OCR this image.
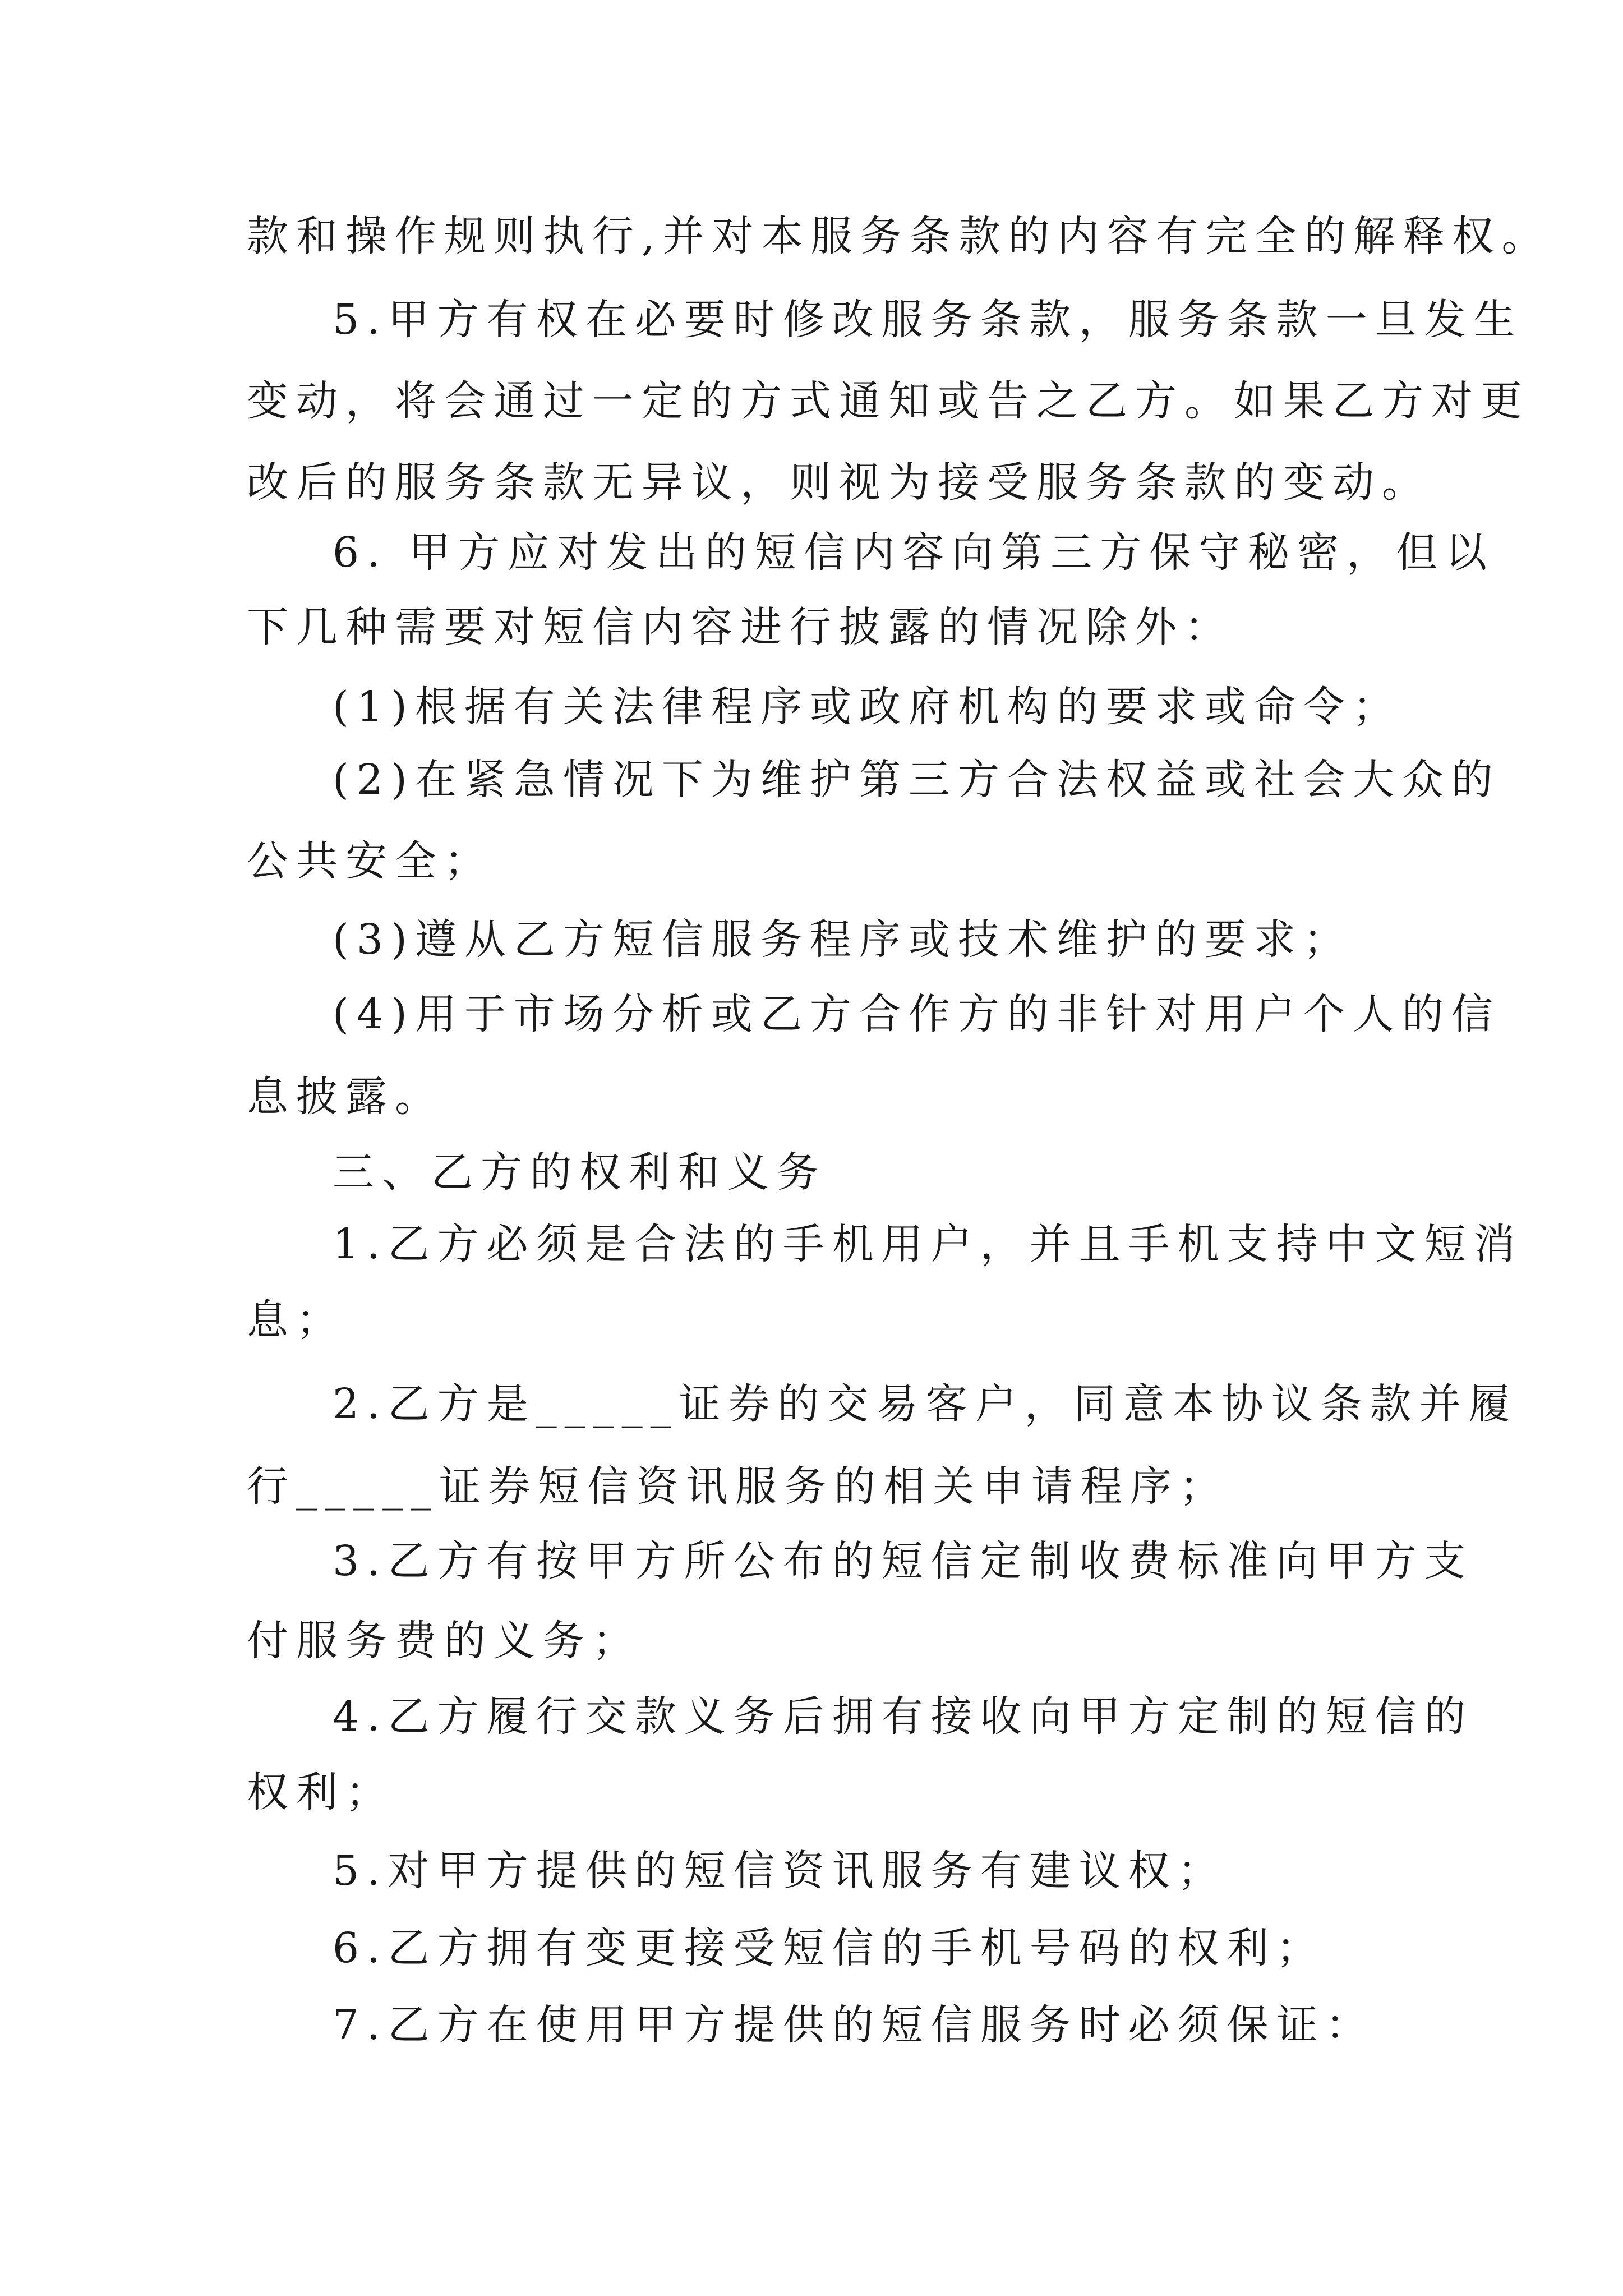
款和操作规则执行,并对本服务条款的内容有完全的解释权。
5.甲方有权在必要时修改服务条款，服务条款一旦发生
变动，将会通过一定的方式通知或告之乙方。如果乙方对更
改后的服务条款无异议，则视为接受服务条款的变动。
6. 甲方应对发出的短信内容向第三方保守秘密，但以
下几种需要对短信内容进行披露的情况除外：
(1)根据有关法律程序或政府机构的要求或命令；
(2)在紧急情况下为维护第三方合法权益或社会大众的
公共安全；
(3)遵从乙方短信服务程序或技术维护的要求；
(4)用于市场分析或乙方合作方的非针对用户个人的信
息披露。
三、乙方的权利和义务
1.乙方必须是合法的手机用户，并且手机支持中文短消
息；
2.乙方是_____证券的交易客户，同意本协议条款并履
行_____证券短信资讯服务的相关申请程序；
3.乙方有按甲方所公布的短信定制收费标准向甲方支
付服务费的义务；
4.乙方履行交款义务后拥有接收向甲方定制的短信的
权利；
5.对甲方提供的短信资讯服务有建议权；
6.乙方拥有变更接受短信的手机号码的权利；
7.乙方在使用甲方提供的短信服务时必须保证：
